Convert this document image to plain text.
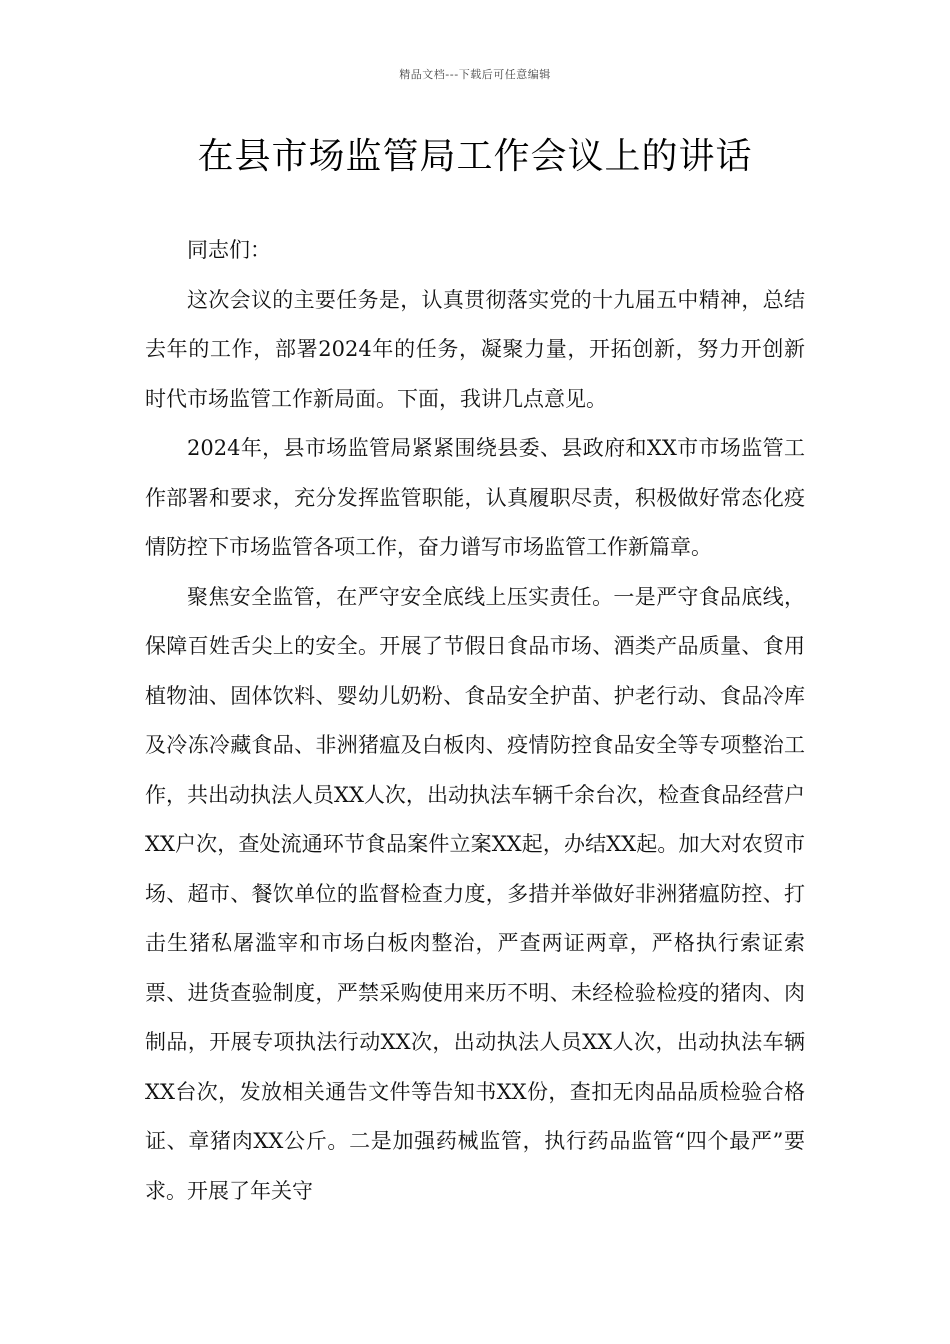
精品文档---下载后可任意编辑
在县市场监管局工作会议上的讲话

同志们：

这次会议的主要任务是，认真贯彻落实党的十九届五中精神，总结去年的工作，部署2024年的任务，凝聚力量，开拓创新，努力开创新时代市场监管工作新局面。下面，我讲几点意见。

2024年，县市场监管局紧紧围绕县委、县政府和XX市市场监管工作部署和要求，充分发挥监管职能，认真履职尽责，积极做好常态化疫情防控下市场监管各项工作，奋力谱写市场监管工作新篇章。

聚焦安全监管，在严守安全底线上压实责任。一是严守食品底线，保障百姓舌尖上的安全。开展了节假日食品市场、酒类产品质量、食用植物油、固体饮料、婴幼儿奶粉、食品安全护苗、护老行动、食品冷库及冷冻冷藏食品、非洲猪瘟及白板肉、疫情防控食品安全等专项整治工作，共出动执法人员XX人次，出动执法车辆千余台次，检查食品经营户XX户次，查处流通环节食品案件立案XX起，办结XX起。加大对农贸市场、超市、餐饮单位的监督检查力度，多措并举做好非洲猪瘟防控、打击生猪私屠滥宰和市场白板肉整治，严查两证两章，严格执行索证索票、进货查验制度，严禁采购使用来历不明、未经检验检疫的猪肉、肉制品，开展专项执法行动XX次，出动执法人员XX人次，出动执法车辆XX台次，发放相关通告文件等告知书XX份，查扣无肉品品质检验合格证、章猪肉XX公斤。二是加强药械监管，执行药品监管“四个最严”要求。开展了年关守
